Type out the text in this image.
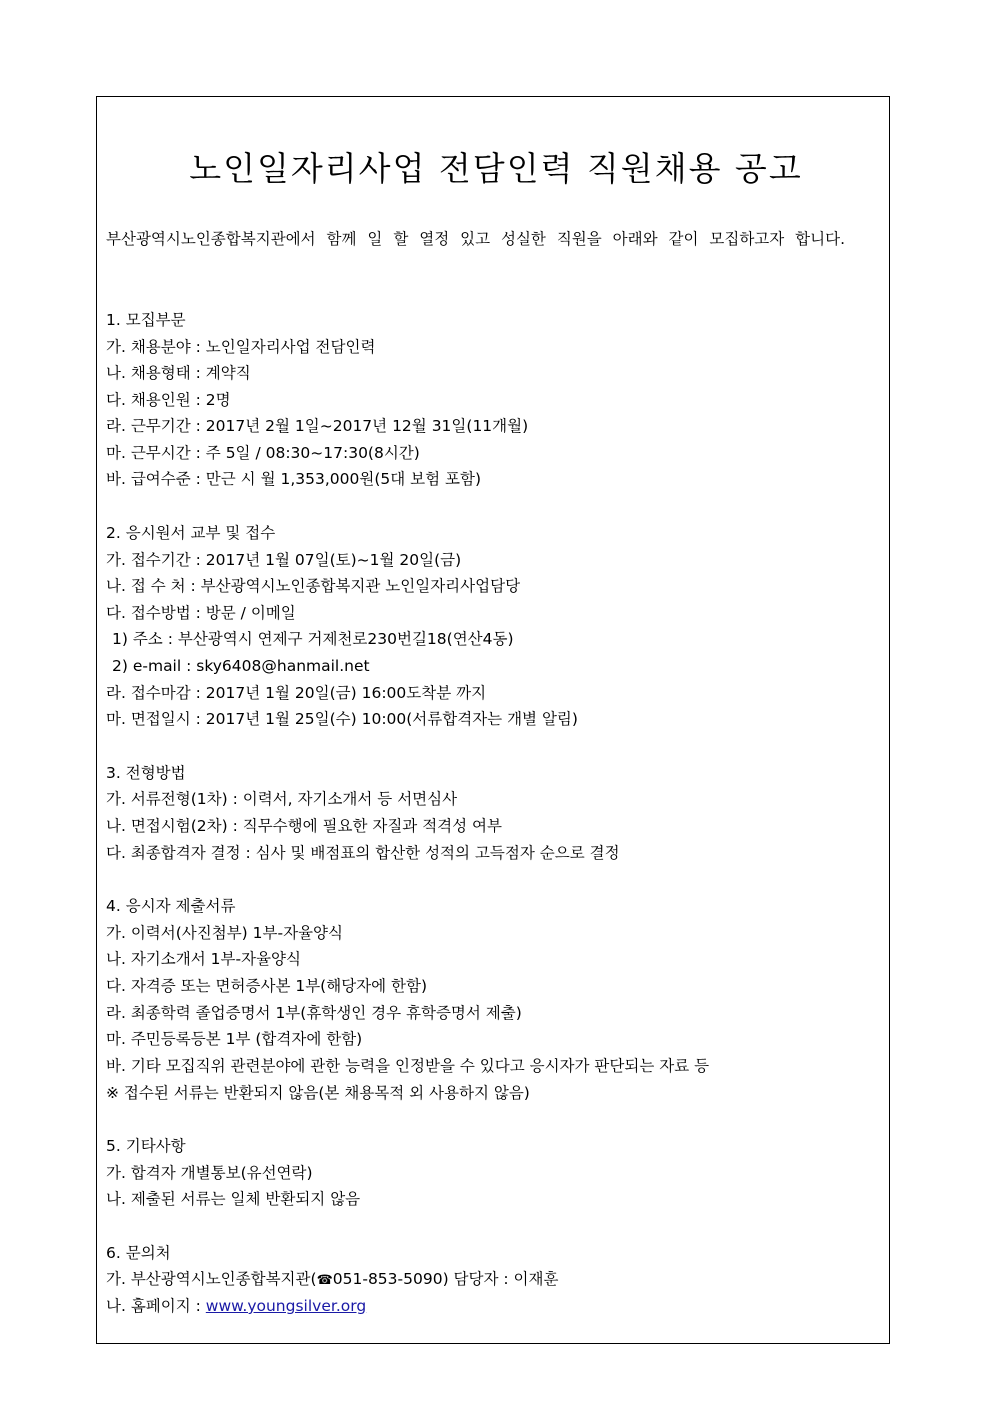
노인일자리사업 전담인력 직원채용 공고
부산광역시노인종합복지관에서 함께 일 할 열정 있고 성실한 직원을 아래와 같이 모집하고자 합니다.
1. 모집부문
가. 채용분야 : 노인일자리사업 전담인력
나. 채용형태 : 계약직
다. 채용인원 : 2명
라. 근무기간 : 2017년 2월 1일~2017년 12월 31일(11개월)
마. 근무시간 : 주 5일 / 08:30~17:30(8시간)
바. 급여수준 : 만근 시 월 1,353,000원(5대 보험 포함)
2. 응시원서 교부 및 접수
가. 접수기간 : 2017년 1월 07일(토)~1월 20일(금)
나. 접 수 처 : 부산광역시노인종합복지관 노인일자리사업담당
다. 접수방법 : 방문 / 이메일
1) 주소 : 부산광역시 연제구 거제천로230번길18(연산4동)
2) e-mail : sky6408@hanmail.net
라. 접수마감 : 2017년 1월 20일(금) 16:00도착분 까지
마. 면접일시 : 2017년 1월 25일(수) 10:00(서류합격자는 개별 알림)
3. 전형방법
가. 서류전형(1차) : 이력서, 자기소개서 등 서면심사
나. 면접시험(2차) : 직무수행에 필요한 자질과 적격성 여부
다. 최종합격자 결정 : 심사 및 배점표의 합산한 성적의 고득점자 순으로 결정
4. 응시자 제출서류
가. 이력서(사진첨부) 1부-자율양식
나. 자기소개서 1부-자율양식
다. 자격증 또는 면허증사본 1부(해당자에 한함)
라. 최종학력 졸업증명서 1부(휴학생인 경우 휴학증명서 제출)
마. 주민등록등본 1부 (합격자에 한함)
바. 기타 모집직위 관련분야에 관한 능력을 인정받을 수 있다고 응시자가 판단되는 자료 등
※ 접수된 서류는 반환되지 않음(본 채용목적 외 사용하지 않음)
5. 기타사항
가. 합격자 개별통보(유선연락)
나. 제출된 서류는 일체 반환되지 않음
6. 문의처
가. 부산광역시노인종합복지관(☎051-853-5090) 담당자 : 이재훈
나. 홈페이지 : www.youngsilver.org
